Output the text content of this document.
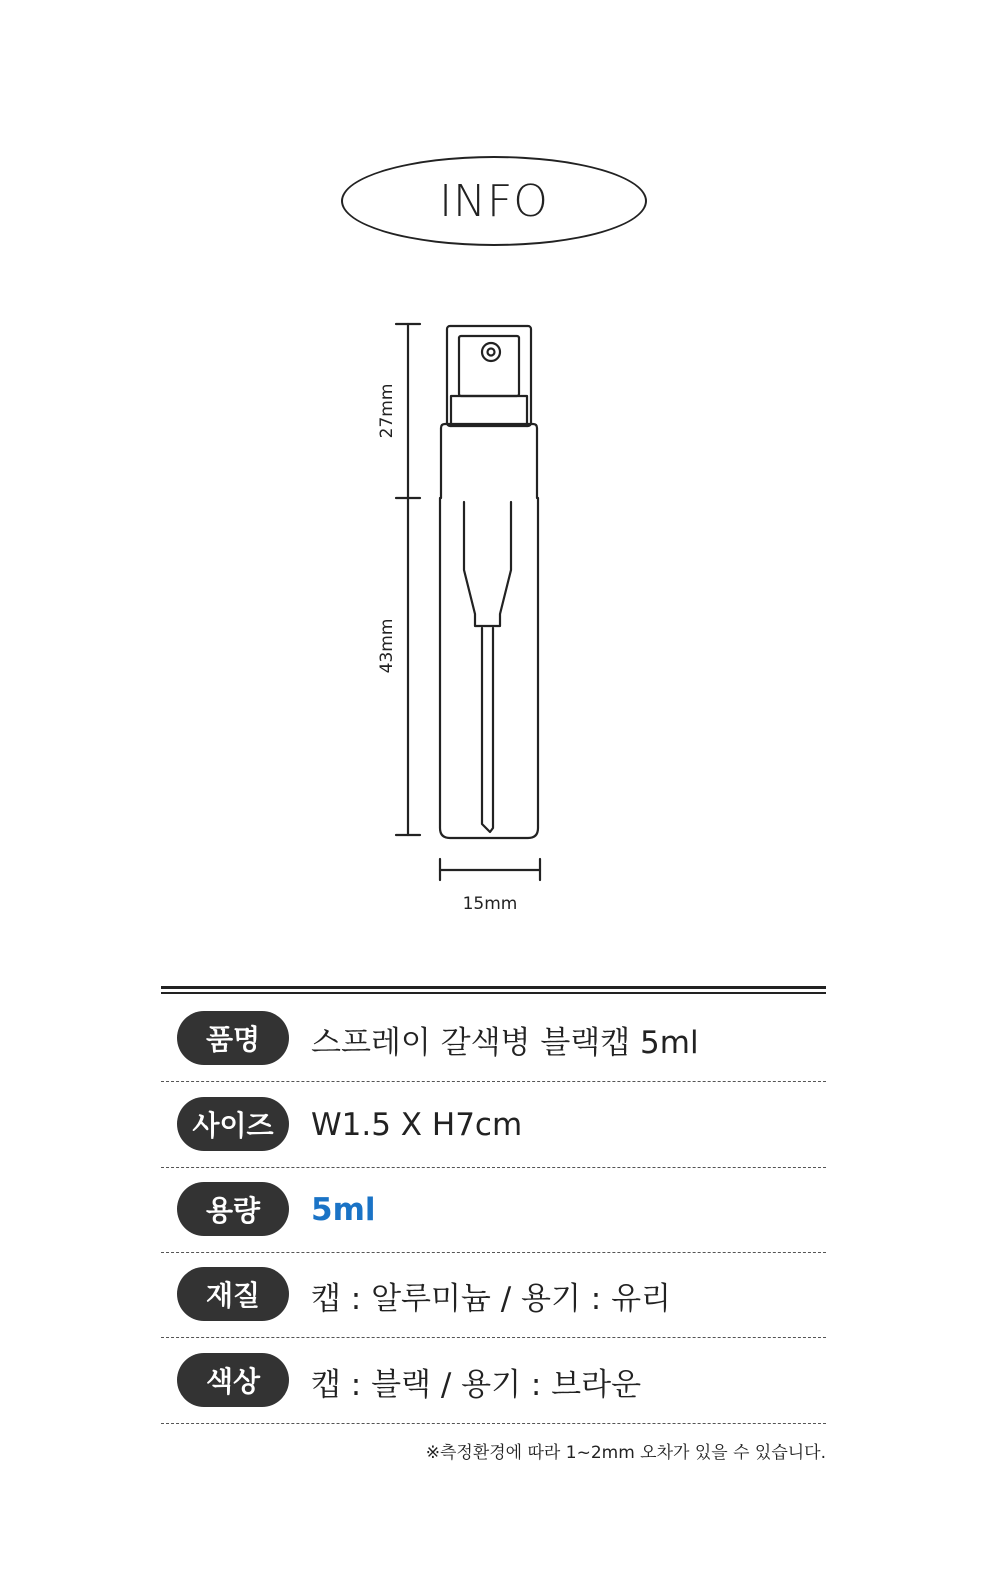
INFO
27mm
43mm
15mm
품명	스프레이 갈색병 블랙캡 5ml
사이즈	W1.5 X H7cm
용량	5ml
재질	캡 : 알루미늄 / 용기 : 유리
색상	캡 : 블랙 / 용기 : 브라운
※측정환경에 따라 1~2mm 오차가 있을 수 있습니다.
